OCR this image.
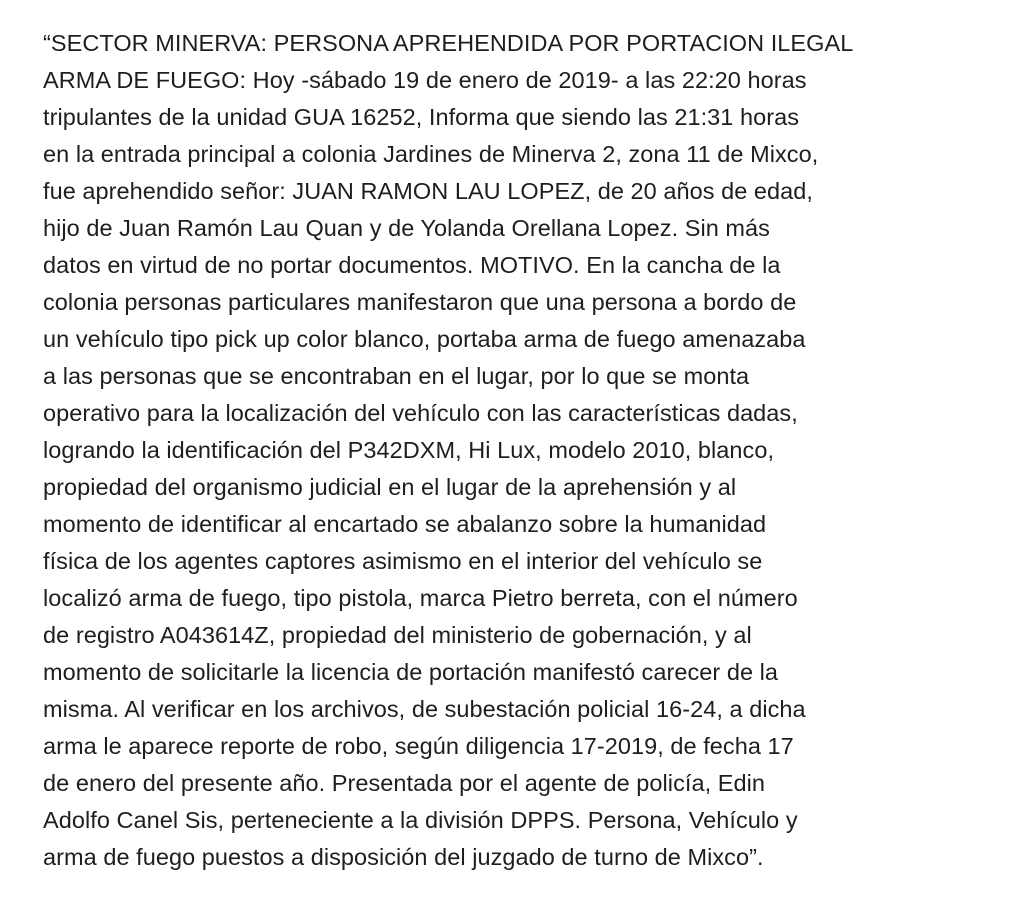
“SECTOR MINERVA: PERSONA APREHENDIDA POR PORTACION ILEGAL
ARMA DE FUEGO: Hoy -sábado 19 de enero de 2019- a las 22:20 horas
tripulantes de la unidad GUA 16252, Informa que siendo las 21:31 horas
en la entrada principal a colonia Jardines de Minerva 2, zona 11 de Mixco,
fue aprehendido señor: JUAN RAMON LAU LOPEZ, de 20 años de edad,
hijo de Juan Ramón Lau Quan y de Yolanda Orellana Lopez. Sin más
datos en virtud de no portar documentos. MOTIVO. En la cancha de la
colonia personas particulares manifestaron que una persona a bordo de
un vehículo tipo pick up color blanco, portaba arma de fuego amenazaba
a las personas que se encontraban en el lugar, por lo que se monta
operativo para la localización del vehículo con las características dadas,
logrando la identificación del P342DXM, Hi Lux, modelo 2010, blanco,
propiedad del organismo judicial en el lugar de la aprehensión y al
momento de identificar al encartado se abalanzo sobre la humanidad
física de los agentes captores asimismo en el interior del vehículo se
localizó arma de fuego, tipo pistola, marca Pietro berreta, con el número
de registro A043614Z, propiedad del ministerio de gobernación, y al
momento de solicitarle la licencia de portación manifestó carecer de la
misma. Al verificar en los archivos, de subestación policial 16-24, a dicha
arma le aparece reporte de robo, según diligencia 17-2019, de fecha 17
de enero del presente año. Presentada por el agente de policía, Edin
Adolfo Canel Sis, perteneciente a la división DPPS. Persona, Vehículo y
arma de fuego puestos a disposición del juzgado de turno de Mixco”.
